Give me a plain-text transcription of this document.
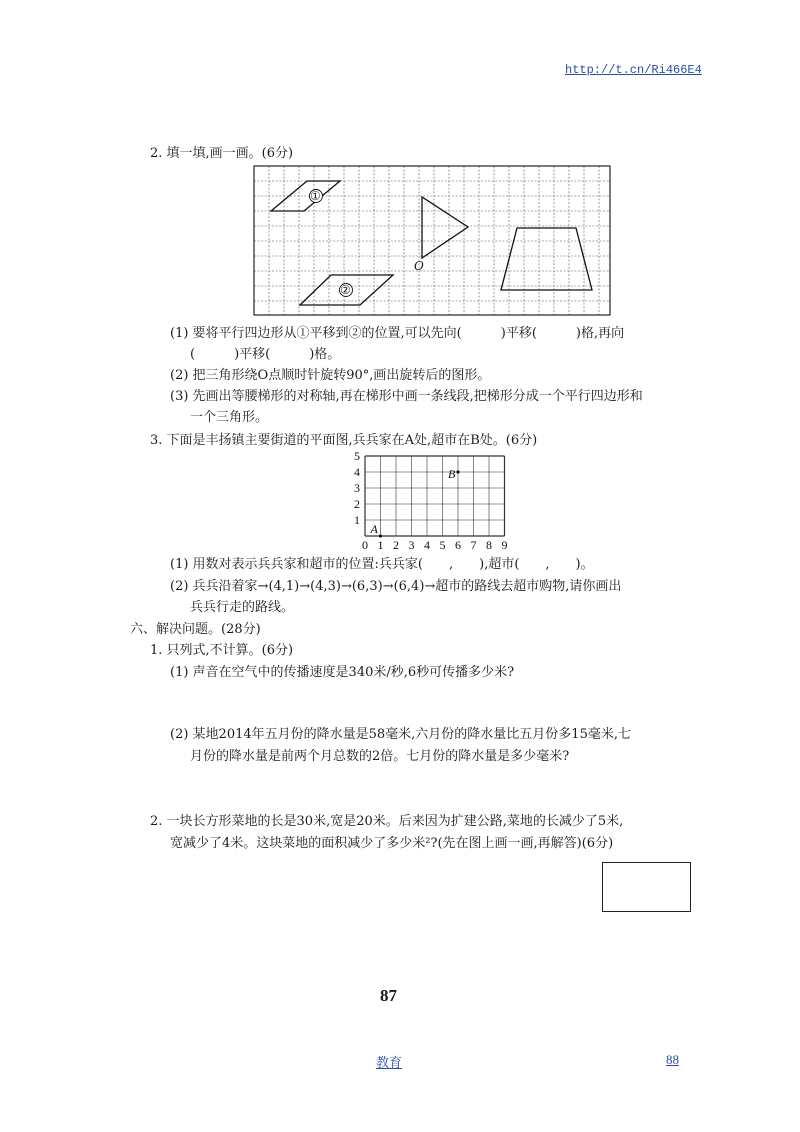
http://t.cn/Ri466E4
2. 填一填,画一画。(6分)
①
②
O
(1) 要将平行四边形从①平移到②的位置,可以先向(　　　)平移(　　　)格,再向
(　　　)平移(　　　)格。
(2) 把三角形绕O点顺时针旋转90°,画出旋转后的图形。
(3) 先画出等腰梯形的对称轴,再在梯形中画一条线段,把梯形分成一个平行四边形和
一个三角形。
3. 下面是丰扬镇主要街道的平面图,兵兵家在A处,超市在B处。(6分)
0 1 2 3 4 5 6 7 8 9
1
2
3
4
5
A
B
(1) 用数对表示兵兵家和超市的位置:兵兵家(　　,　　),超市(　　,　　)。
(2) 兵兵沿着家→(4,1)→(4,3)→(6,3)→(6,4)→超市的路线去超市购物,请你画出
兵兵行走的路线。
六、解决问题。(28分)
1. 只列式,不计算。(6分)
(1) 声音在空气中的传播速度是340米/秒,6秒可传播多少米?
(2) 某地2014年五月份的降水量是58毫米,六月份的降水量比五月份多15毫米,七
月份的降水量是前两个月总数的2倍。七月份的降水量是多少毫米?
2. 一块长方形菜地的长是30米,宽是20米。后来因为扩建公路,菜地的长减少了5米,
宽减少了4米。这块菜地的面积减少了多少米²?(先在图上画一画,再解答)(6分)
87
教育	88
